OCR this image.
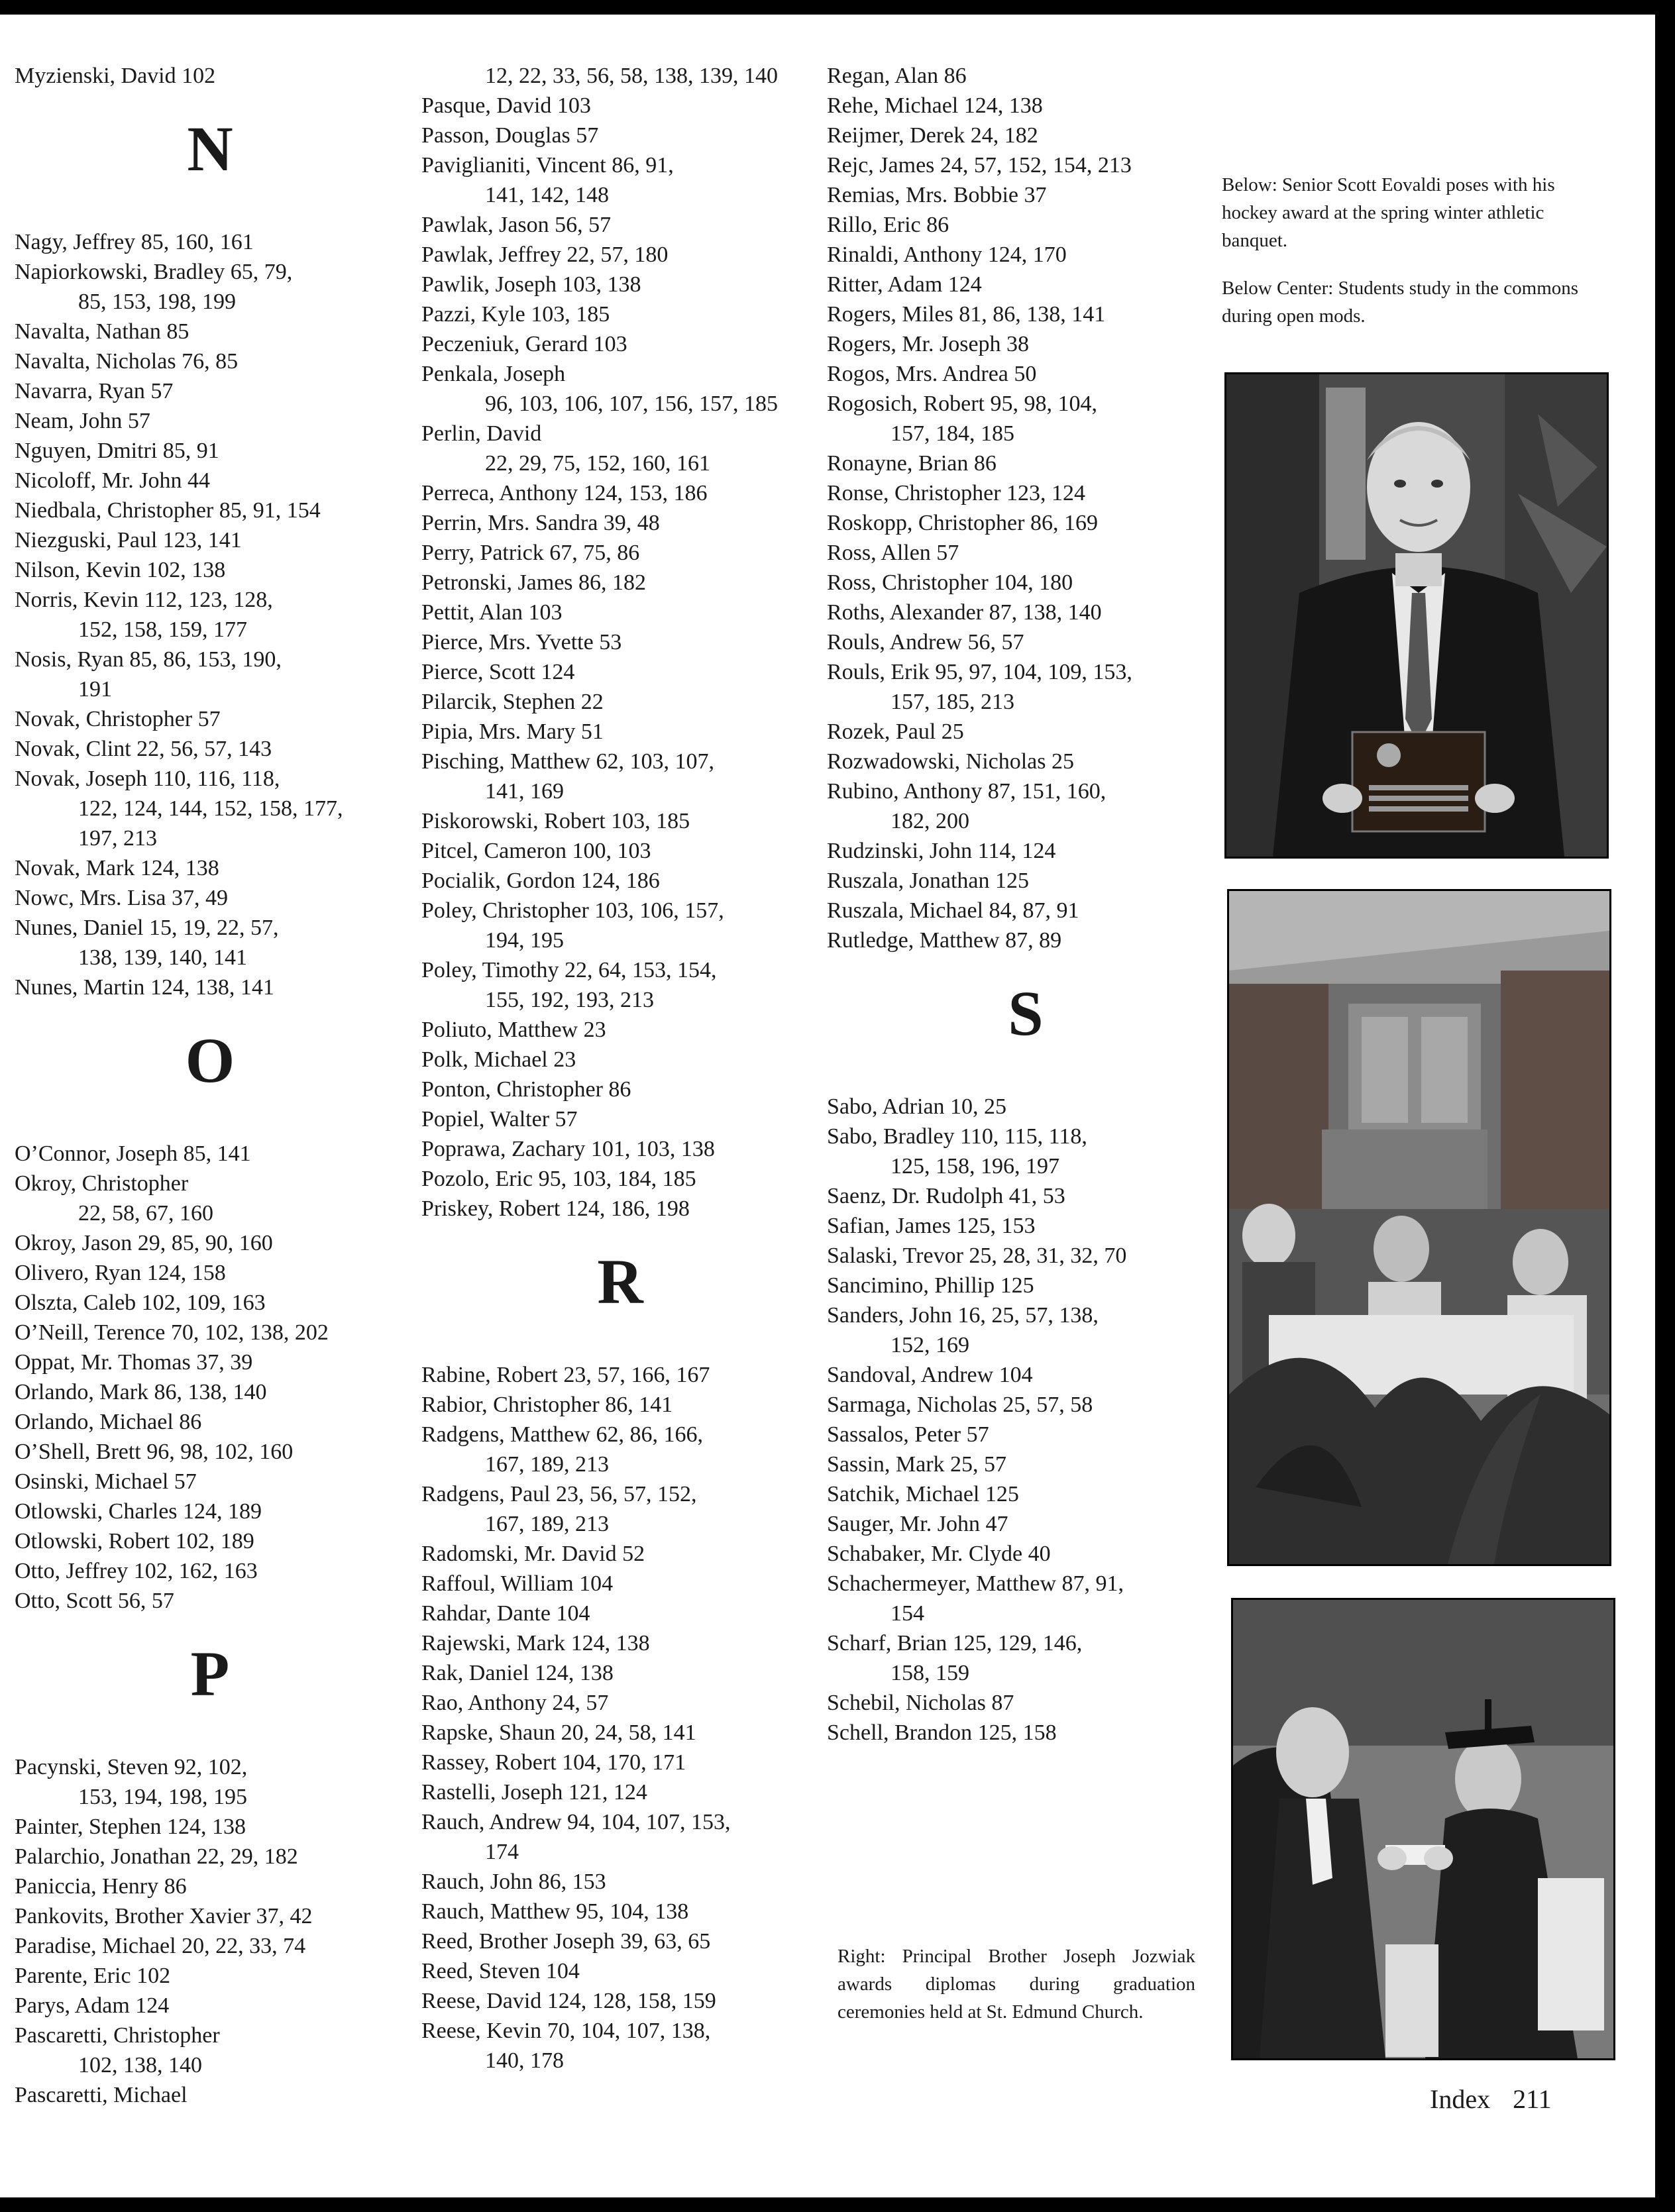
Myzienski, David 102

N

Nagy, Jeffrey 85, 160, 161

Napiorkowski, Bradley 65, 79,

85, 153, 198, 199

Navalta, Nathan 85

Navalta, Nicholas 76, 85

Navarra, Ryan 57

Neam, John 57

Nguyen, Dmitri 85, 91

Nicoloff, Mr. John 44

Niedbala, Christopher 85, 91, 154

Niezguski, Paul 123, 141

Nilson, Kevin 102, 138

Norris, Kevin 112, 123, 128,

152, 158, 159, 177

Nosis, Ryan 85, 86, 153, 190,

191

Novak, Christopher 57

Novak, Clint 22, 56, 57, 143

Novak, Joseph 110, 116, 118,

122, 124, 144, 152, 158, 177,

197, 213

Novak, Mark 124, 138

Nowc, Mrs. Lisa 37, 49

Nunes, Daniel 15, 19, 22, 57,

138, 139, 140, 141

Nunes, Martin 124, 138, 141

O

O’Connor, Joseph 85, 141

Okroy, Christopher

22, 58, 67, 160

Okroy, Jason 29, 85, 90, 160

Olivero, Ryan 124, 158

Olszta, Caleb 102, 109, 163

O’Neill, Terence 70, 102, 138, 202

Oppat, Mr. Thomas 37, 39

Orlando, Mark 86, 138, 140

Orlando, Michael 86

O’Shell, Brett 96, 98, 102, 160

Osinski, Michael 57

Otlowski, Charles 124, 189

Otlowski, Robert 102, 189

Otto, Jeffrey 102, 162, 163

Otto, Scott 56, 57

P

Pacynski, Steven 92, 102,

153, 194, 198, 195

Painter, Stephen 124, 138

Palarchio, Jonathan 22, 29, 182

Paniccia, Henry 86

Pankovits, Brother Xavier 37, 42

Paradise, Michael 20, 22, 33, 74

Parente, Eric 102

Parys, Adam 124

Pascaretti, Christopher

102, 138, 140

Pascaretti, Michael

12, 22, 33, 56, 58, 138, 139, 140

Pasque, David 103

Passon, Douglas 57

Paviglianiti, Vincent 86, 91,

141, 142, 148

Pawlak, Jason 56, 57

Pawlak, Jeffrey 22, 57, 180

Pawlik, Joseph 103, 138

Pazzi, Kyle 103, 185

Peczeniuk, Gerard 103

Penkala, Joseph

96, 103, 106, 107, 156, 157, 185

Perlin, David

22, 29, 75, 152, 160, 161

Perreca, Anthony 124, 153, 186

Perrin, Mrs. Sandra 39, 48

Perry, Patrick 67, 75, 86

Petronski, James 86, 182

Pettit, Alan 103

Pierce, Mrs. Yvette 53

Pierce, Scott 124

Pilarcik, Stephen 22

Pipia, Mrs. Mary 51

Pisching, Matthew 62, 103, 107,

141, 169

Piskorowski, Robert 103, 185

Pitcel, Cameron 100, 103

Pocialik, Gordon 124, 186

Poley, Christopher 103, 106, 157,

194, 195

Poley, Timothy 22, 64, 153, 154,

155, 192, 193, 213

Poliuto, Matthew 23

Polk, Michael 23

Ponton, Christopher 86

Popiel, Walter 57

Poprawa, Zachary 101, 103, 138

Pozolo, Eric 95, 103, 184, 185

Priskey, Robert 124, 186, 198

R

Rabine, Robert 23, 57, 166, 167

Rabior, Christopher 86, 141

Radgens, Matthew 62, 86, 166,

167, 189, 213

Radgens, Paul 23, 56, 57, 152,

167, 189, 213

Radomski, Mr. David 52

Raffoul, William 104

Rahdar, Dante 104

Rajewski, Mark 124, 138

Rak, Daniel 124, 138

Rao, Anthony 24, 57

Rapske, Shaun 20, 24, 58, 141

Rassey, Robert 104, 170, 171

Rastelli, Joseph 121, 124

Rauch, Andrew 94, 104, 107, 153,

174

Rauch, John 86, 153

Rauch, Matthew 95, 104, 138

Reed, Brother Joseph 39, 63, 65

Reed, Steven 104

Reese, David 124, 128, 158, 159

Reese, Kevin 70, 104, 107, 138,

140, 178

Regan, Alan 86

Rehe, Michael 124, 138

Reijmer, Derek 24, 182

Rejc, James 24, 57, 152, 154, 213

Remias, Mrs. Bobbie 37

Rillo, Eric 86

Rinaldi, Anthony 124, 170

Ritter, Adam 124

Rogers, Miles 81, 86, 138, 141

Rogers, Mr. Joseph 38

Rogos, Mrs. Andrea 50

Rogosich, Robert 95, 98, 104,

157, 184, 185

Ronayne, Brian 86

Ronse, Christopher 123, 124

Roskopp, Christopher 86, 169

Ross, Allen 57

Ross, Christopher 104, 180

Roths, Alexander 87, 138, 140

Rouls, Andrew 56, 57

Rouls, Erik 95, 97, 104, 109, 153,

157, 185, 213

Rozek, Paul 25

Rozwadowski, Nicholas 25

Rubino, Anthony 87, 151, 160,

182, 200

Rudzinski, John 114, 124

Ruszala, Jonathan 125

Ruszala, Michael 84, 87, 91

Rutledge, Matthew 87, 89

S

Sabo, Adrian 10, 25

Sabo, Bradley 110, 115, 118,

125, 158, 196, 197

Saenz, Dr. Rudolph 41, 53

Safian, James 125, 153

Salaski, Trevor 25, 28, 31, 32, 70

Sancimino, Phillip 125

Sanders, John 16, 25, 57, 138,

152, 169

Sandoval, Andrew 104

Sarmaga, Nicholas 25, 57, 58

Sassalos, Peter 57

Sassin, Mark 25, 57

Satchik, Michael 125

Sauger, Mr. John 47

Schabaker, Mr. Clyde 40

Schachermeyer, Matthew 87, 91,

154

Scharf, Brian 125, 129, 146,

158, 159

Schebil, Nicholas 87

Schell, Brandon 125, 158

Below: Senior Scott Eovaldi poses with his hockey award at the spring winter athletic banquet.

Below Center: Students study in the commons during open mods.

Right: Principal Brother Joseph Jozwiak awards diplomas during graduation ceremonies held at St. Edmund Church.

Index 211
